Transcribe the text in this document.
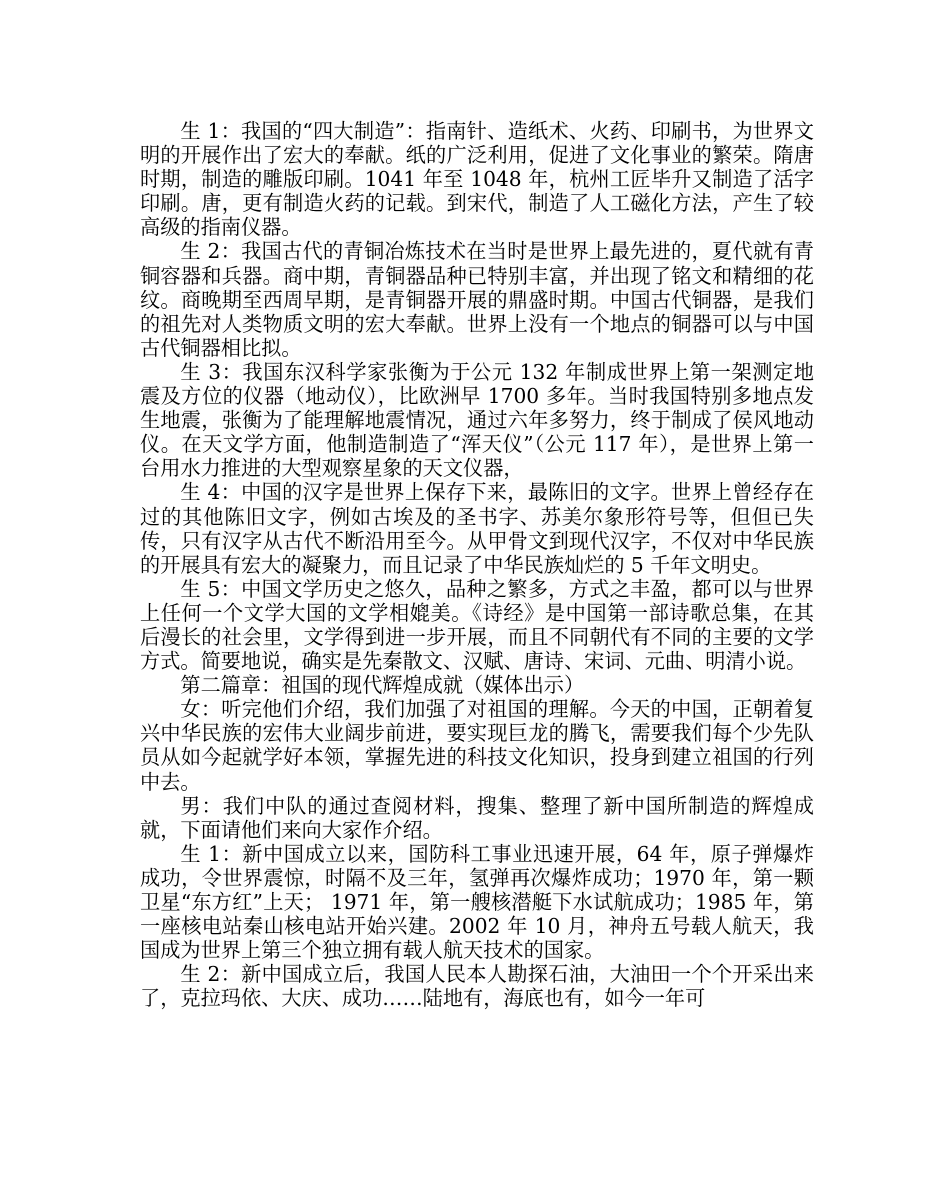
生 1：我国的“四大制造”：指南针、造纸术、火药、印刷书，为世界文明的开展作出了宏大的奉献。纸的广泛利用，促进了文化事业的繁荣。隋唐时期，制造的雕版印刷。1041 年至 1048 年，杭州工匠毕升又制造了活字印刷。唐，更有制造火药的记载。到宋代，制造了人工磁化方法，产生了较高级的指南仪器。

生 2：我国古代的青铜冶炼技术在当时是世界上最先进的，夏代就有青铜容器和兵器。商中期，青铜器品种已特别丰富，并出现了铭文和精细的花纹。商晚期至西周早期，是青铜器开展的鼎盛时期。中国古代铜器，是我们的祖先对人类物质文明的宏大奉献。世界上没有一个地点的铜器可以与中国古代铜器相比拟。

生 3：我国东汉科学家张衡为于公元 132 年制成世界上第一架测定地震及方位的仪器（地动仪），比欧洲早 1700 多年。当时我国特别多地点发生地震，张衡为了能理解地震情况，通过六年多努力，终于制成了侯风地动仪。在天文学方面，他制造制造了“浑天仪”（公元 117 年），是世界上第一台用水力推进的大型观察星象的天文仪器，

生 4：中国的汉字是世界上保存下来，最陈旧的文字。世界上曾经存在过的其他陈旧文字，例如古埃及的圣书字、苏美尔象形符号等，但但已失传，只有汉字从古代不断沿用至今。从甲骨文到现代汉字，不仅对中华民族的开展具有宏大的凝聚力，而且记录了中华民族灿烂的 5 千年文明史。

生 5：中国文学历史之悠久，品种之繁多，方式之丰盈，都可以与世界上任何一个文学大国的文学相媲美。《诗经》是中国第一部诗歌总集，在其后漫长的社会里，文学得到进一步开展，而且不同朝代有不同的主要的文学方式。简要地说，确实是先秦散文、汉赋、唐诗、宋词、元曲、明清小说。

第二篇章：祖国的现代辉煌成就（媒体出示）

女：听完他们介绍，我们加强了对祖国的理解。今天的中国，正朝着复兴中华民族的宏伟大业阔步前进，要实现巨龙的腾飞，需要我们每个少先队员从如今起就学好本领，掌握先进的科技文化知识，投身到建立祖国的行列中去。

男：我们中队的通过查阅材料，搜集、整理了新中国所制造的辉煌成就，下面请他们来向大家作介绍。

生 1：新中国成立以来，国防科工事业迅速开展，64 年，原子弹爆炸成功，令世界震惊，时隔不及三年，氢弹再次爆炸成功；1970 年，第一颗卫星“东方红”上天； 1971 年，第一艘核潜艇下水试航成功；1985 年，第一座核电站秦山核电站开始兴建。2002 年 10 月，神舟五号载人航天，我国成为世界上第三个独立拥有载人航天技术的国家。

生 2：新中国成立后，我国人民本人勘探石油，大油田一个个开采出来了，克拉玛依、大庆、成功……陆地有，海底也有，如今一年可
